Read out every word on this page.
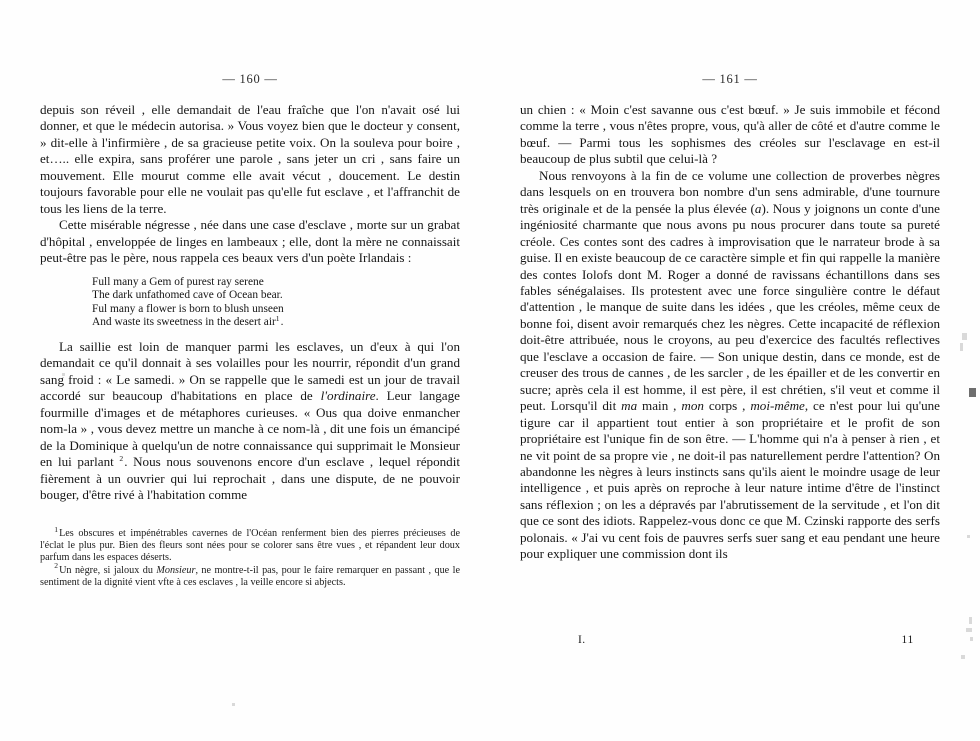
— 160 —

depuis son réveil , elle demandait de l'eau fraîche que l'on n'avait osé lui donner, et que le médecin autorisa. » Vous voyez bien que le docteur y consent, » dit-elle à l'infirmière , de sa gracieuse petite voix. On la souleva pour boire , et….. elle expira, sans proférer une parole , sans jeter un cri , sans faire un mouvement. Elle mourut comme elle avait vécut , doucement. Le destin toujours favorable pour elle ne voulait pas qu'elle fut esclave , et l'affranchit de tous les liens de la terre.

Cette misérable négresse , née dans une case d'esclave , morte sur un grabat d'hôpital , enveloppée de linges en lambeaux ; elle, dont la mère ne connaissait peut-être pas le père, nous rappela ces beaux vers d'un poète Irlandais :

Full many a Gem of purest ray serene
The dark unfathomed cave of Ocean bear.
Ful many a flower is born to blush unseen
And waste its sweetness in the desert air$^1$.

La saillie est loin de manquer parmi les esclaves, un d'eux à qui l'on demandait ce qu'il donnait à ses volailles pour les nourrir, répondit d'un grand sang froid : « Le samedi. » On se rappelle que le samedi est un jour de travail accordé sur beaucoup d'habitations en place de l'ordinaire. Leur langage fourmille d'images et de métaphores curieuses. « Ous qua doive enmancher nom-la » , vous devez mettre un manche à ce nom-là , dit une fois un émancipé de la Dominique à quelqu'un de notre connaissance qui supprimait le Monsieur en lui parlant $^2$. Nous nous souvenons encore d'un esclave , lequel répondit fièrement à un ouvrier qui lui reprochait , dans une dispute, de ne pouvoir bouger, d'être rivé à l'habitation comme

$^1$Les obscures et impénétrables cavernes de l'Océan renferment bien des pierres précieuses de l'éclat le plus pur. Bien des fleurs sont nées pour se colorer sans être vues , et répandent leur doux parfum dans les espaces déserts.

$^2$Un nègre, si jaloux du Monsieur, ne montre-t-il pas, pour le faire remarquer en passant , que le sentiment de la dignité vient vfte à ces esclaves , la veille encore si abjects.

— 161 —

un chien : « Moin c'est savanne ous c'est bœuf. » Je suis immobile et fécond comme la terre , vous n'êtes propre, vous, qu'à aller de côté et d'autre comme le bœuf. — Parmi tous les sophismes des créoles sur l'esclavage en est-il beaucoup de plus subtil que celui-là ?

Nous renvoyons à la fin de ce volume une collection de proverbes nègres dans lesquels on en trouvera bon nombre d'un sens admirable, d'une tournure très originale et de la pensée la plus élevée (a). Nous y joignons un conte d'une ingéniosité charmante que nous avons pu nous procurer dans toute sa pureté créole. Ces contes sont des cadres à improvisation que le narrateur brode à sa guise. Il en existe beaucoup de ce caractère simple et fin qui rappelle la manière des contes Iolofs dont M. Roger a donné de ravissans échantillons dans ses fables sénégalaises. Ils protestent avec une force singulière contre le défaut d'attention , le manque de suite dans les idées , que les créoles, même ceux de bonne foi, disent avoir remarqués chez les nègres. Cette incapacité de réflexion doit-être attribuée, nous le croyons, au peu d'exercice des facultés reflectives que l'esclave a occasion de faire. — Son unique destin, dans ce monde, est de creuser des trous de cannes , de les sarcler , de les épailler et de les convertir en sucre; après cela il est homme, il est père, il est chrétien, s'il veut et comme il peut. Lorsqu'il dit ma main , mon corps , moi-même, ce n'est pour lui qu'une tigure car il appartient tout entier à son propriétaire et le profit de son propriétaire est l'unique fin de son être. — L'homme qui n'a à penser à rien , et ne vit point de sa propre vie , ne doit-il pas naturellement perdre l'attention? On abandonne les nègres à leurs instincts sans qu'ils aient le moindre usage de leur intelligence , et puis après on reproche à leur nature intime d'être de l'instinct sans réflexion ; on les a dépravés par l'abrutissement de la servitude , et l'on dit que ce sont des idiots. Rappelez-vous donc ce que M. Czinski rapporte des serfs polonais. « J'ai vu cent fois de pauvres serfs suer sang et eau pendant une heure pour expliquer une commission dont ils

I.	11
